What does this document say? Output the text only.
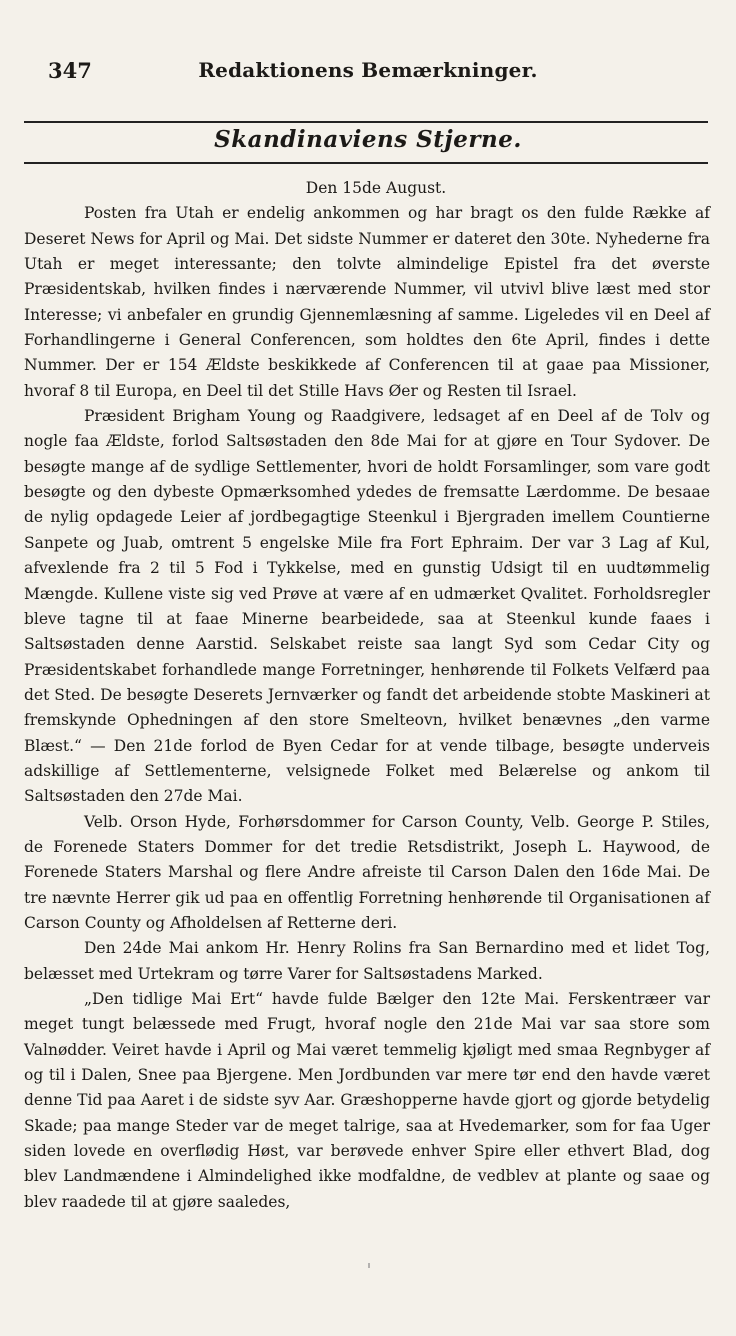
347	Redaktionens Bemærkninger.
Skandinaviens Stjerne.

Den 15de August.

Posten fra Utah er endelig ankommen og har bragt os den fulde Række af Deseret News for April og Mai. Det sidste Nummer er dateret den 30te. Nyhederne fra Utah er meget interessante; den tolvte almindelige Epistel fra det øverste Præsidentskab, hvilken findes i nærværende Nummer, vil utvivl blive læst med stor Interesse; vi anbefaler en grundig Gjennemlæsning af samme. Ligeledes vil en Deel af Forhandlingerne i General Conferencen, som holdtes den 6te April, findes i dette Nummer. Der er 154 Ældste beskikkede af Conferencen til at gaae paa Missioner, hvoraf 8 til Europa, en Deel til det Stille Havs Øer og Resten til Israel.

Præsident Brigham Young og Raadgivere, ledsaget af en Deel af de Tolv og nogle faa Ældste, forlod Saltsøstaden den 8de Mai for at gjøre en Tour Sydover. De besøgte mange af de sydlige Settlementer, hvori de holdt Forsamlinger, som vare godt besøgte og den dybeste Opmærksomhed ydedes de fremsatte Lærdomme. De besaae de nylig opdagede Leier af jordbegagtige Steenkul i Bjergraden imellem Countierne Sanpete og Juab, omtrent 5 engelske Mile fra Fort Ephraim. Der var 3 Lag af Kul, afvexlende fra 2 til 5 Fod i Tykkelse, med en gunstig Udsigt til en uudtømmelig Mængde. Kullene viste sig ved Prøve at være af en udmærket Qvalitet. Forholdsregler bleve tagne til at faae Minerne bearbeidede, saa at Steenkul kunde faaes i Saltsøstaden denne Aarstid. Selskabet reiste saa langt Syd som Cedar City og Præsidentskabet forhandlede mange Forretninger, henhørende til Folkets Velfærd paa det Sted. De besøgte Deserets Jernværker og fandt det arbeidende stobte Maskineri at fremskynde Ophedningen af den store Smelteovn, hvilket benævnes „den varme Blæst.“ — Den 21de forlod de Byen Cedar for at vende tilbage, besøgte underveis adskillige af Settlementerne, velsignede Folket med Belærelse og ankom til Saltsøstaden den 27de Mai.

Velb. Orson Hyde, Forhørsdommer for Carson County, Velb. George P. Stiles, de Forenede Staters Dommer for det tredie Retsdistrikt, Joseph L. Haywood, de Forenede Staters Marshal og flere Andre afreiste til Carson Dalen den 16de Mai. De tre nævnte Herrer gik ud paa en offentlig Forretning henhørende til Organisationen af Carson County og Afholdelsen af Retterne deri.

Den 24de Mai ankom Hr. Henry Rolins fra San Bernardino med et lidet Tog, belæsset med Urtekram og tørre Varer for Saltsøstadens Marked.

„Den tidlige Mai Ert“ havde fulde Bælger den 12te Mai. Ferskentræer var meget tungt belæssede med Frugt, hvoraf nogle den 21de Mai var saa store som Valnødder. Veiret havde i April og Mai været temmelig kjøligt med smaa Regnbyger af og til i Dalen, Snee paa Bjergene. Men Jordbunden var mere tør end den havde været denne Tid paa Aaret i de sidste syv Aar. Græshopperne havde gjort og gjorde betydelig Skade; paa mange Steder var de meget talrige, saa at Hvedemarker, som for faa Uger siden lovede en overflødig Høst, var berøvede enhver Spire eller ethvert Blad, dog blev Landmændene i Almindelighed ikke modfaldne, de vedblev at plante og saae og blev raadede til at gjøre saaledes,
